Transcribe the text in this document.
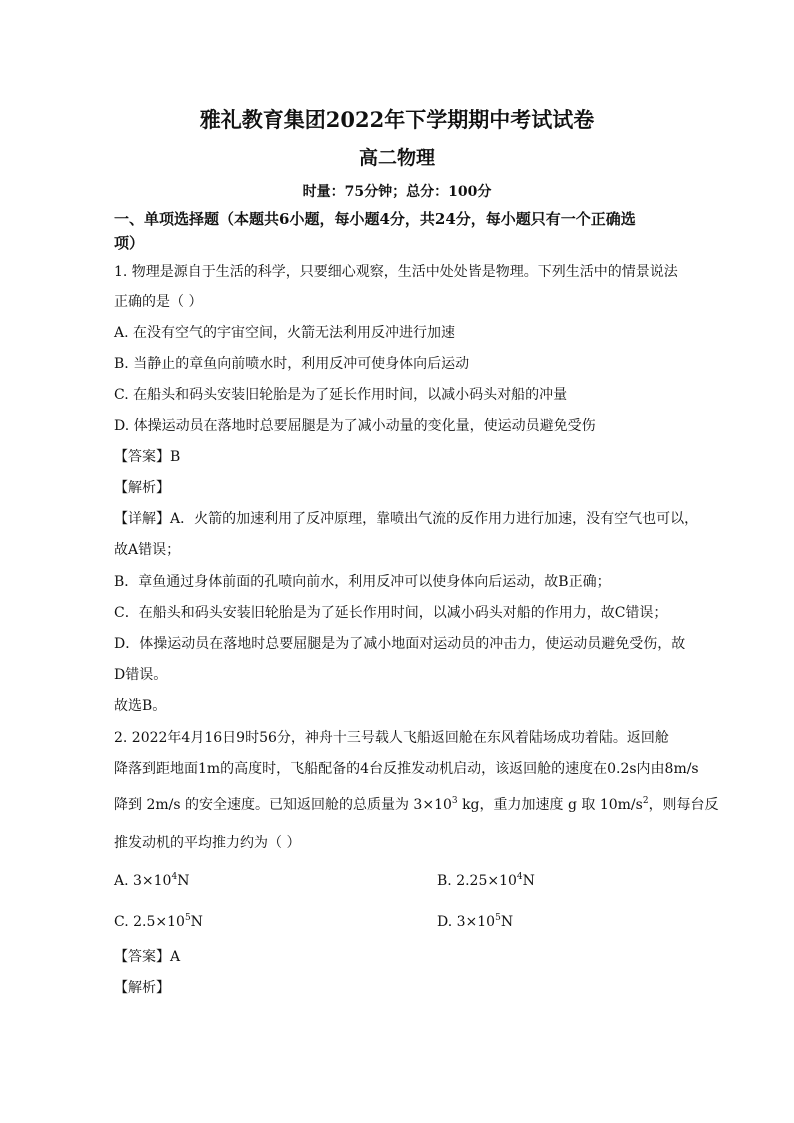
雅礼教育集团2022年下学期期中考试试卷
高二物理
时量：75分钟；总分：100分
一、单项选择题（本题共6小题，每小题4分，共24分，每小题只有一个正确选
项）
1. 物理是源自于生活的科学，只要细心观察，生活中处处皆是物理。下列生活中的情景说法
正确的是（ ）
A. 在没有空气的宇宙空间，火箭无法利用反冲进行加速
B. 当静止的章鱼向前喷水时，利用反冲可使身体向后运动
C. 在船头和码头安装旧轮胎是为了延长作用时间，以减小码头对船的冲量
D. 体操运动员在落地时总要屈腿是为了减小动量的变化量，使运动员避免受伤
【答案】B
【解析】
【详解】A．火箭的加速利用了反冲原理，靠喷出气流的反作用力进行加速，没有空气也可以，
故A错误；
B．章鱼通过身体前面的孔喷向前水，利用反冲可以使身体向后运动，故B正确；
C．在船头和码头安装旧轮胎是为了延长作用时间，以减小码头对船的作用力，故C错误；
D．体操运动员在落地时总要屈腿是为了减小地面对运动员的冲击力，使运动员避免受伤，故
D错误。
故选B。
2. 2022年4月16日9时56分，神舟十三号载人飞船返回舱在东风着陆场成功着陆。返回舱
降落到距地面1m的高度时，飞船配备的4台反推发动机启动，该返回舱的速度在0.2s内由8m/s
降到 2m/s 的安全速度。已知返回舱的总质量为 $3\times 10^3$ kg，重力加速度 g 取 $10m/s^2$，则每台反
推发动机的平均推力约为（ ）
A. $3\times 10^4N$	B. $2.25\times 10^4N$
C. $2.5\times 10^5N$	D. $3\times 10^5N$
【答案】A
【解析】
